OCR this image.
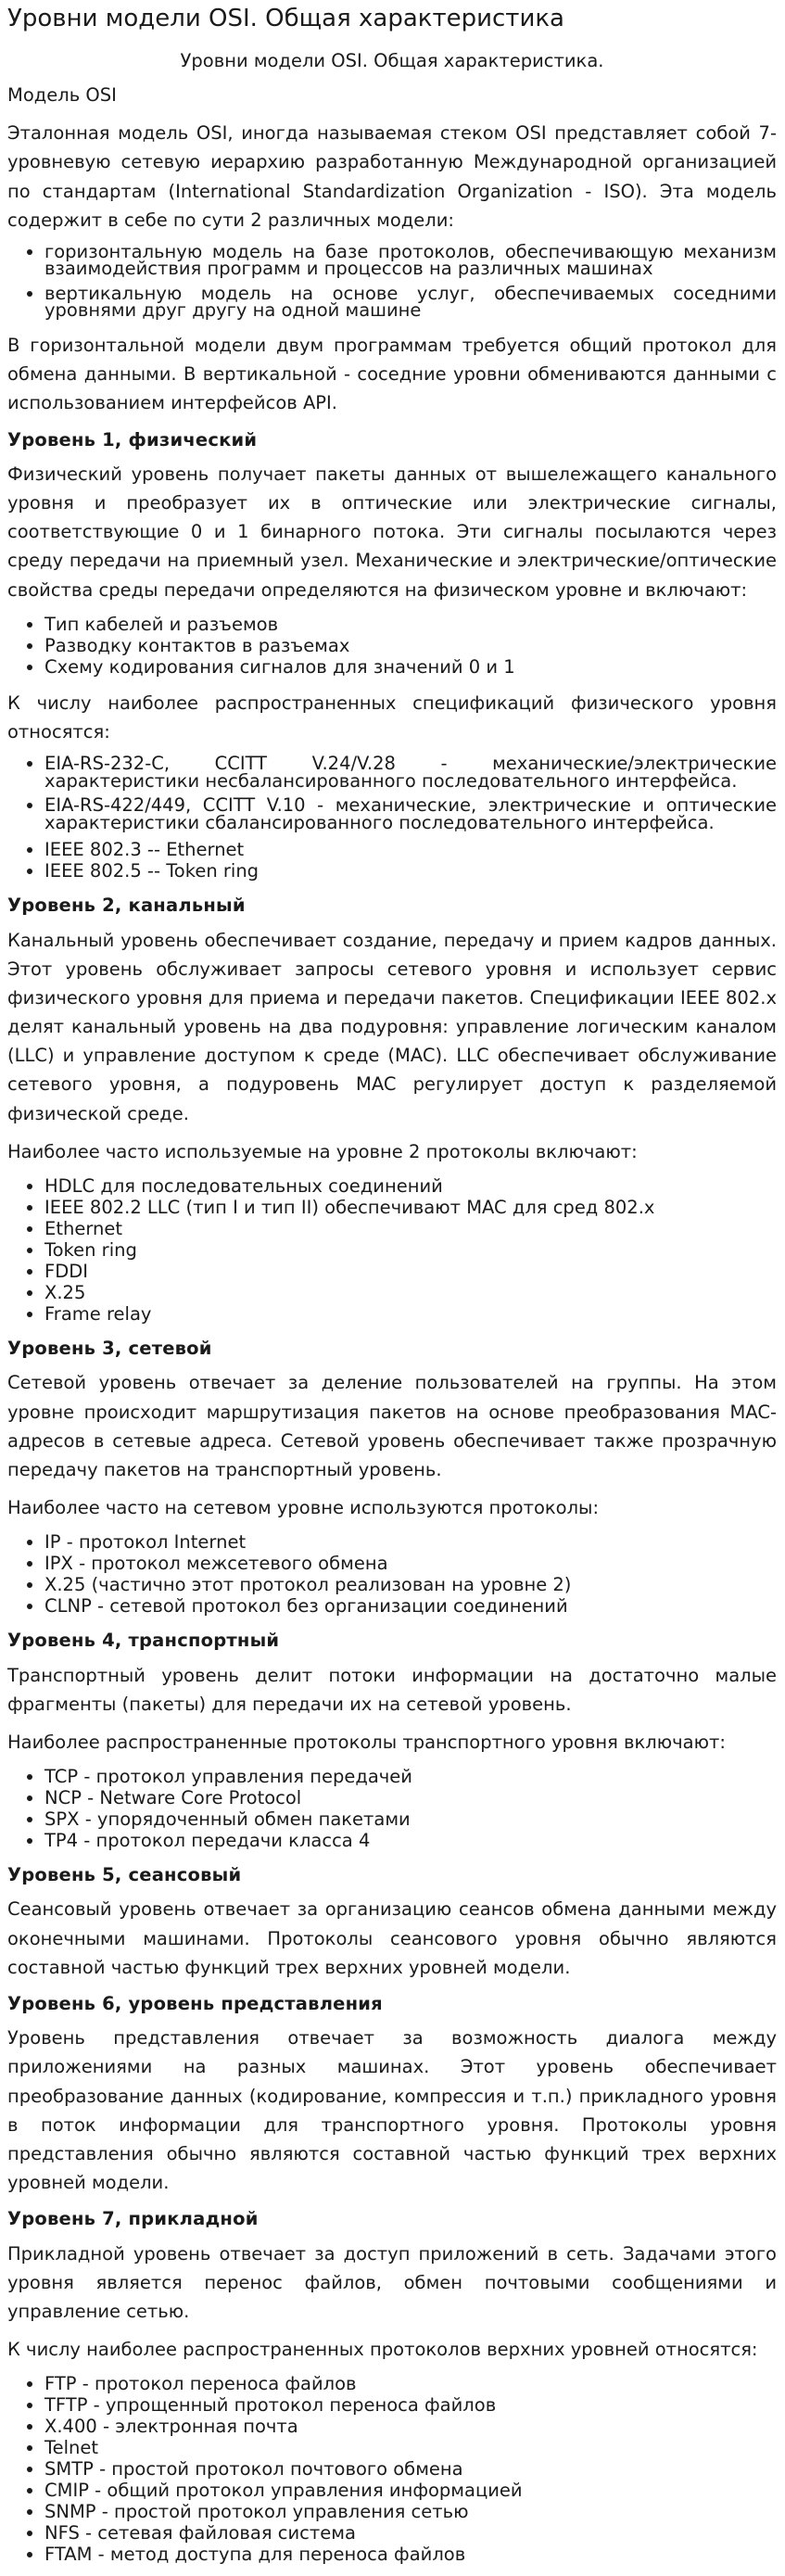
Уровни модели OSI. Общая характеристика
Уровни модели OSI. Общая характеристика.

Модель OSI

Эталонная модель OSI, иногда называемая стеком OSI представляет собой 7-уровневую сетевую иерархию разработанную Международной организацией по стандартам (International Standardization Organization - ISO). Эта модель содержит в себе по сути 2 различных модели:

• горизонтальную модель на базе протоколов, обеспечивающую механизм взаимодействия программ и процессов на различных машинах
• вертикальную модель на основе услуг, обеспечиваемых соседними уровнями друг другу на одной машине

В горизонтальной модели двум программам требуется общий протокол для обмена данными. В вертикальной - соседние уровни обмениваются данными с использованием интерфейсов API.

Уровень 1, физический

Физический уровень получает пакеты данных от вышележащего канального уровня и преобразует их в оптические или электрические сигналы, соответствующие 0 и 1 бинарного потока. Эти сигналы посылаются через среду передачи на приемный узел. Механические и электрические/оптические свойства среды передачи определяются на физическом уровне и включают:

• Тип кабелей и разъемов
• Разводку контактов в разъемах
• Схему кодирования сигналов для значений 0 и 1

К числу наиболее распространенных спецификаций физического уровня относятся:

• EIA-RS-232-C, CCITT V.24/V.28 - механические/электрические характеристики несбалансированного последовательного интерфейса.
• EIA-RS-422/449, CCITT V.10 - механические, электрические и оптические характеристики сбалансированного последовательного интерфейса.
• IEEE 802.3 -- Ethernet
• IEEE 802.5 -- Token ring
Уровень 2, канальный

Канальный уровень обеспечивает создание, передачу и прием кадров данных. Этот уровень обслуживает запросы сетевого уровня и использует сервис физического уровня для приема и передачи пакетов. Спецификации IEEE 802.x делят канальный уровень на два подуровня: управление логическим каналом (LLC) и управление доступом к среде (MAC). LLC обеспечивает обслуживание сетевого уровня, а подуровень MAC регулирует доступ к разделяемой физической среде.

Наиболее часто используемые на уровне 2 протоколы включают:

• HDLC для последовательных соединений
• IEEE 802.2 LLC (тип I и тип II) обеспечивают MAC для сред 802.x
• Ethernet
• Token ring
• FDDI
• X.25
• Frame relay
Уровень 3, сетевой

Сетевой уровень отвечает за деление пользователей на группы. На этом уровне происходит маршрутизация пакетов на основе преобразования MAC-адресов в сетевые адреса. Сетевой уровень обеспечивает также прозрачную передачу пакетов на транспортный уровень.

Наиболее часто на сетевом уровне используются протоколы:

• IP - протокол Internet
• IPX - протокол межсетевого обмена
• X.25 (частично этот протокол реализован на уровне 2)
• CLNP - сетевой протокол без организации соединений
Уровень 4, транспортный

Транспортный уровень делит потоки информации на достаточно малые фрагменты (пакеты) для передачи их на сетевой уровень.

Наиболее распространенные протоколы транспортного уровня включают:

• TCP - протокол управления передачей
• NCP - Netware Core Protocol
• SPX - упорядоченный обмен пакетами
• TP4 - протокол передачи класса 4
Уровень 5, сеансовый

Сеансовый уровень отвечает за организацию сеансов обмена данными между оконечными машинами. Протоколы сеансового уровня обычно являются составной частью функций трех верхних уровней модели.

Уровень 6, уровень представления

Уровень представления отвечает за возможность диалога между приложениями на разных машинах. Этот уровень обеспечивает преобразование данных (кодирование, компрессия и т.п.) прикладного уровня в поток информации для транспортного уровня. Протоколы уровня представления обычно являются составной частью функций трех верхних уровней модели.

Уровень 7, прикладной

Прикладной уровень отвечает за доступ приложений в сеть. Задачами этого уровня является перенос файлов, обмен почтовыми сообщениями и управление сетью.

К числу наиболее распространенных протоколов верхних уровней относятся:

• FTP - протокол переноса файлов
• TFTP - упрощенный протокол переноса файлов
• X.400 - электронная почта
• Telnet
• SMTP - простой протокол почтового обмена
• CMIP - общий протокол управления информацией
• SNMP - простой протокол управления сетью
• NFS - сетевая файловая система
• FTAM - метод доступа для переноса файлов
